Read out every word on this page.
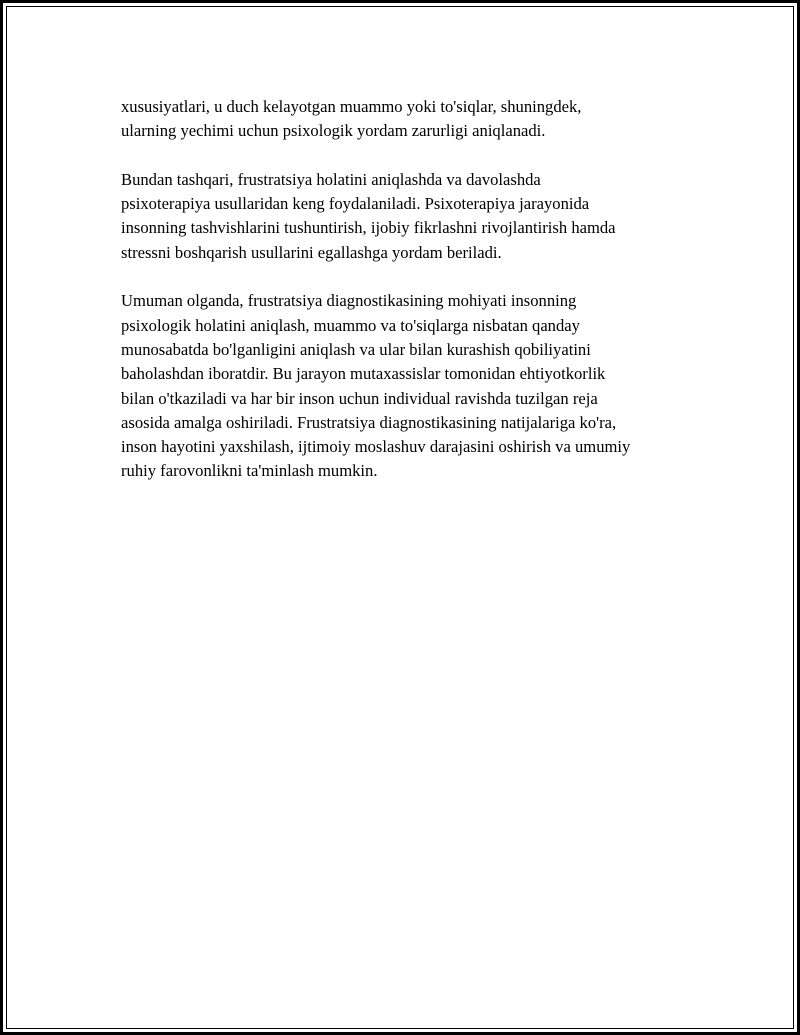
xususiyatlari, u duch kelayotgan muammo yoki to'siqlar, shuningdek,
ularning yechimi uchun psixologik yordam zarurligi aniqlanadi.

Bundan tashqari, frustratsiya holatini aniqlashda va davolashda
psixoterapiya usullaridan keng foydalaniladi. Psixoterapiya jarayonida
insonning tashvishlarini tushuntirish, ijobiy fikrlashni rivojlantirish hamda
stressni boshqarish usullarini egallashga yordam beriladi.

Umuman olganda, frustratsiya diagnostikasining mohiyati insonning
psixologik holatini aniqlash, muammo va to'siqlarga nisbatan qanday
munosabatda bo'lganligini aniqlash va ular bilan kurashish qobiliyatini
baholashdan iboratdir. Bu jarayon mutaxassislar tomonidan ehtiyotkorlik
bilan o'tkaziladi va har bir inson uchun individual ravishda tuzilgan reja
asosida amalga oshiriladi. Frustratsiya diagnostikasining natijalariga ko'ra,
inson hayotini yaxshilash, ijtimoiy moslashuv darajasini oshirish va umumiy
ruhiy farovonlikni ta'minlash mumkin.
